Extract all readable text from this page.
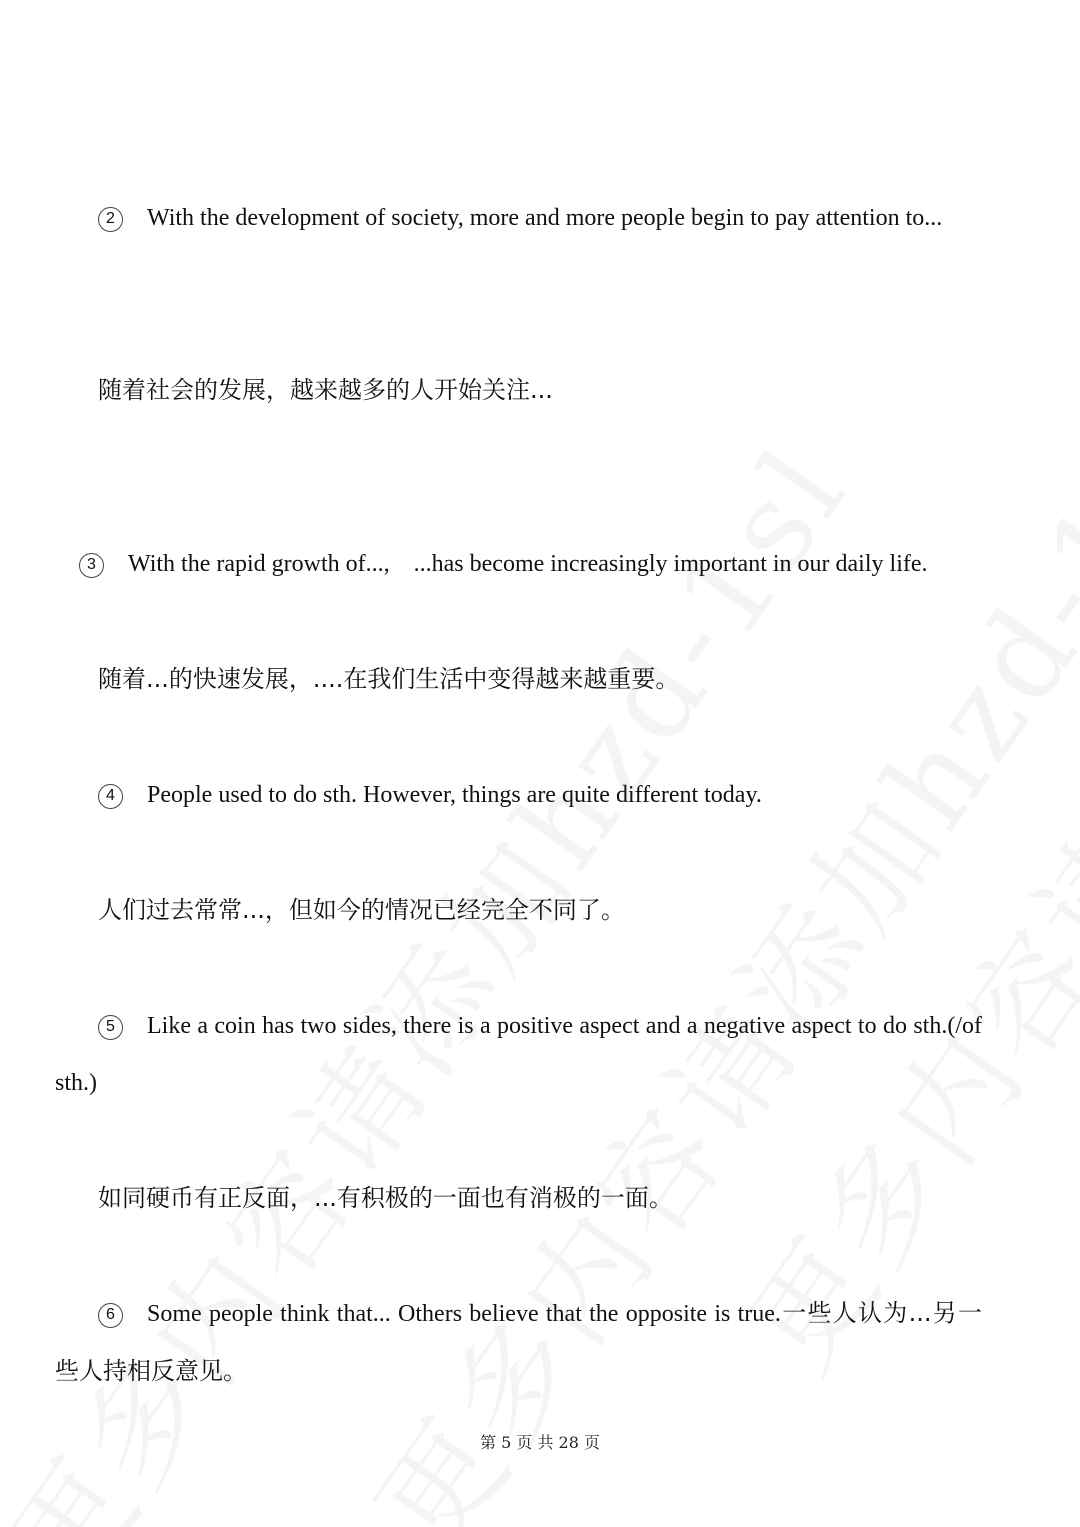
2 With the development of society, more and more people begin to pay attention to...

随着社会的发展，越来越多的人开始关注...

3 With the rapid growth of...,    ...has become increasingly important in our daily life.

随着...的快速发展，....在我们生活中变得越来越重要。

4 People used to do sth. However, things are quite different today.

人们过去常常...，但如今的情况已经完全不同了。

5 Like a coin has two sides, there is a positive aspect and a negative aspect to do sth.(/of sth.)

如同硬币有正反面，...有积极的一面也有消极的一面。

6 Some people think that... Others believe that the opposite is true.一些人认为...另一些人持相反意见。

第 5 页 共 28 页
